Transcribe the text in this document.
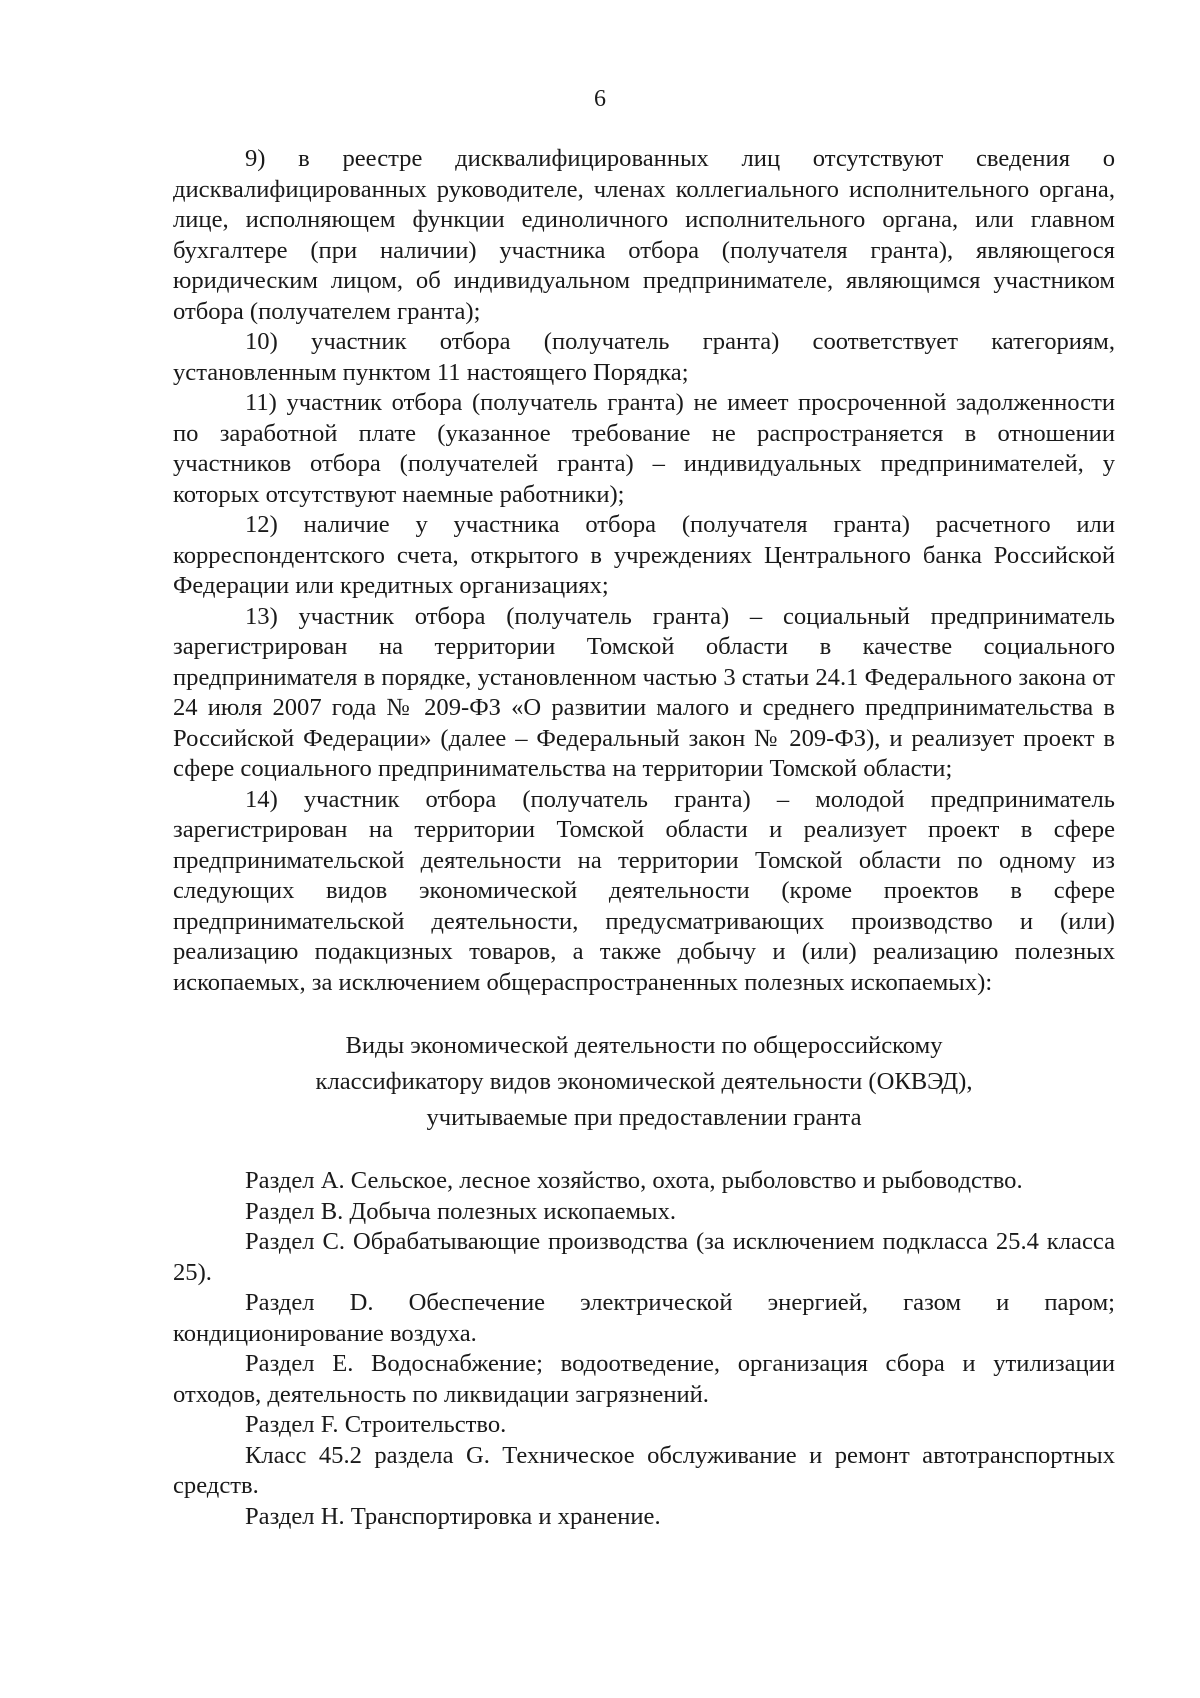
6

9) в реестре дисквалифицированных лиц отсутствуют сведения о дисквалифицированных руководителе, членах коллегиального исполнительного органа, лице, исполняющем функции единоличного исполнительного органа, или главном бухгалтере (при наличии) участника отбора (получателя гранта), являющегося юридическим лицом, об индивидуальном предпринимателе, являющимся участником отбора (получателем гранта);

10) участник отбора (получатель гранта) соответствует категориям, установленным пунктом 11 настоящего Порядка;

11) участник отбора (получатель гранта) не имеет просроченной задолженности по заработной плате (указанное требование не распространяется в отношении участников отбора (получателей гранта) – индивидуальных предпринимателей, у которых отсутствуют наемные работники);

12) наличие у участника отбора (получателя гранта) расчетного или корреспондентского счета, открытого в учреждениях Центрального банка Российской Федерации или кредитных организациях;

13) участник отбора (получатель гранта) – социальный предприниматель зарегистрирован на территории Томской области в качестве социального предпринимателя в порядке, установленном частью 3 статьи 24.1 Федерального закона от 24 июля 2007 года № 209-ФЗ «О развитии малого и среднего предпринимательства в Российской Федерации» (далее – Федеральный закон № 209-ФЗ), и реализует проект в сфере социального предпринимательства на территории Томской области;

14) участник отбора (получатель гранта) – молодой предприниматель зарегистрирован на территории Томской области и реализует проект в сфере предпринимательской деятельности на территории Томской области по одному из следующих видов экономической деятельности (кроме проектов в сфере предпринимательской деятельности, предусматривающих производство и (или) реализацию подакцизных товаров, а также добычу и (или) реализацию полезных ископаемых, за исключением общераспространенных полезных ископаемых):

Виды экономической деятельности по общероссийскому
классификатору видов экономической деятельности (ОКВЭД),
учитываемые при предоставлении гранта

Раздел A. Сельское, лесное хозяйство, охота, рыболовство и рыбоводство.

Раздел B. Добыча полезных ископаемых.

Раздел C. Обрабатывающие производства (за исключением подкласса 25.4 класса 25).

Раздел D. Обеспечение электрической энергией, газом и паром; кондиционирование воздуха.

Раздел E. Водоснабжение; водоотведение, организация сбора и утилизации отходов, деятельность по ликвидации загрязнений.

Раздел F. Строительство.

Класс 45.2 раздела G. Техническое обслуживание и ремонт автотранспортных средств.

Раздел H. Транспортировка и хранение.
